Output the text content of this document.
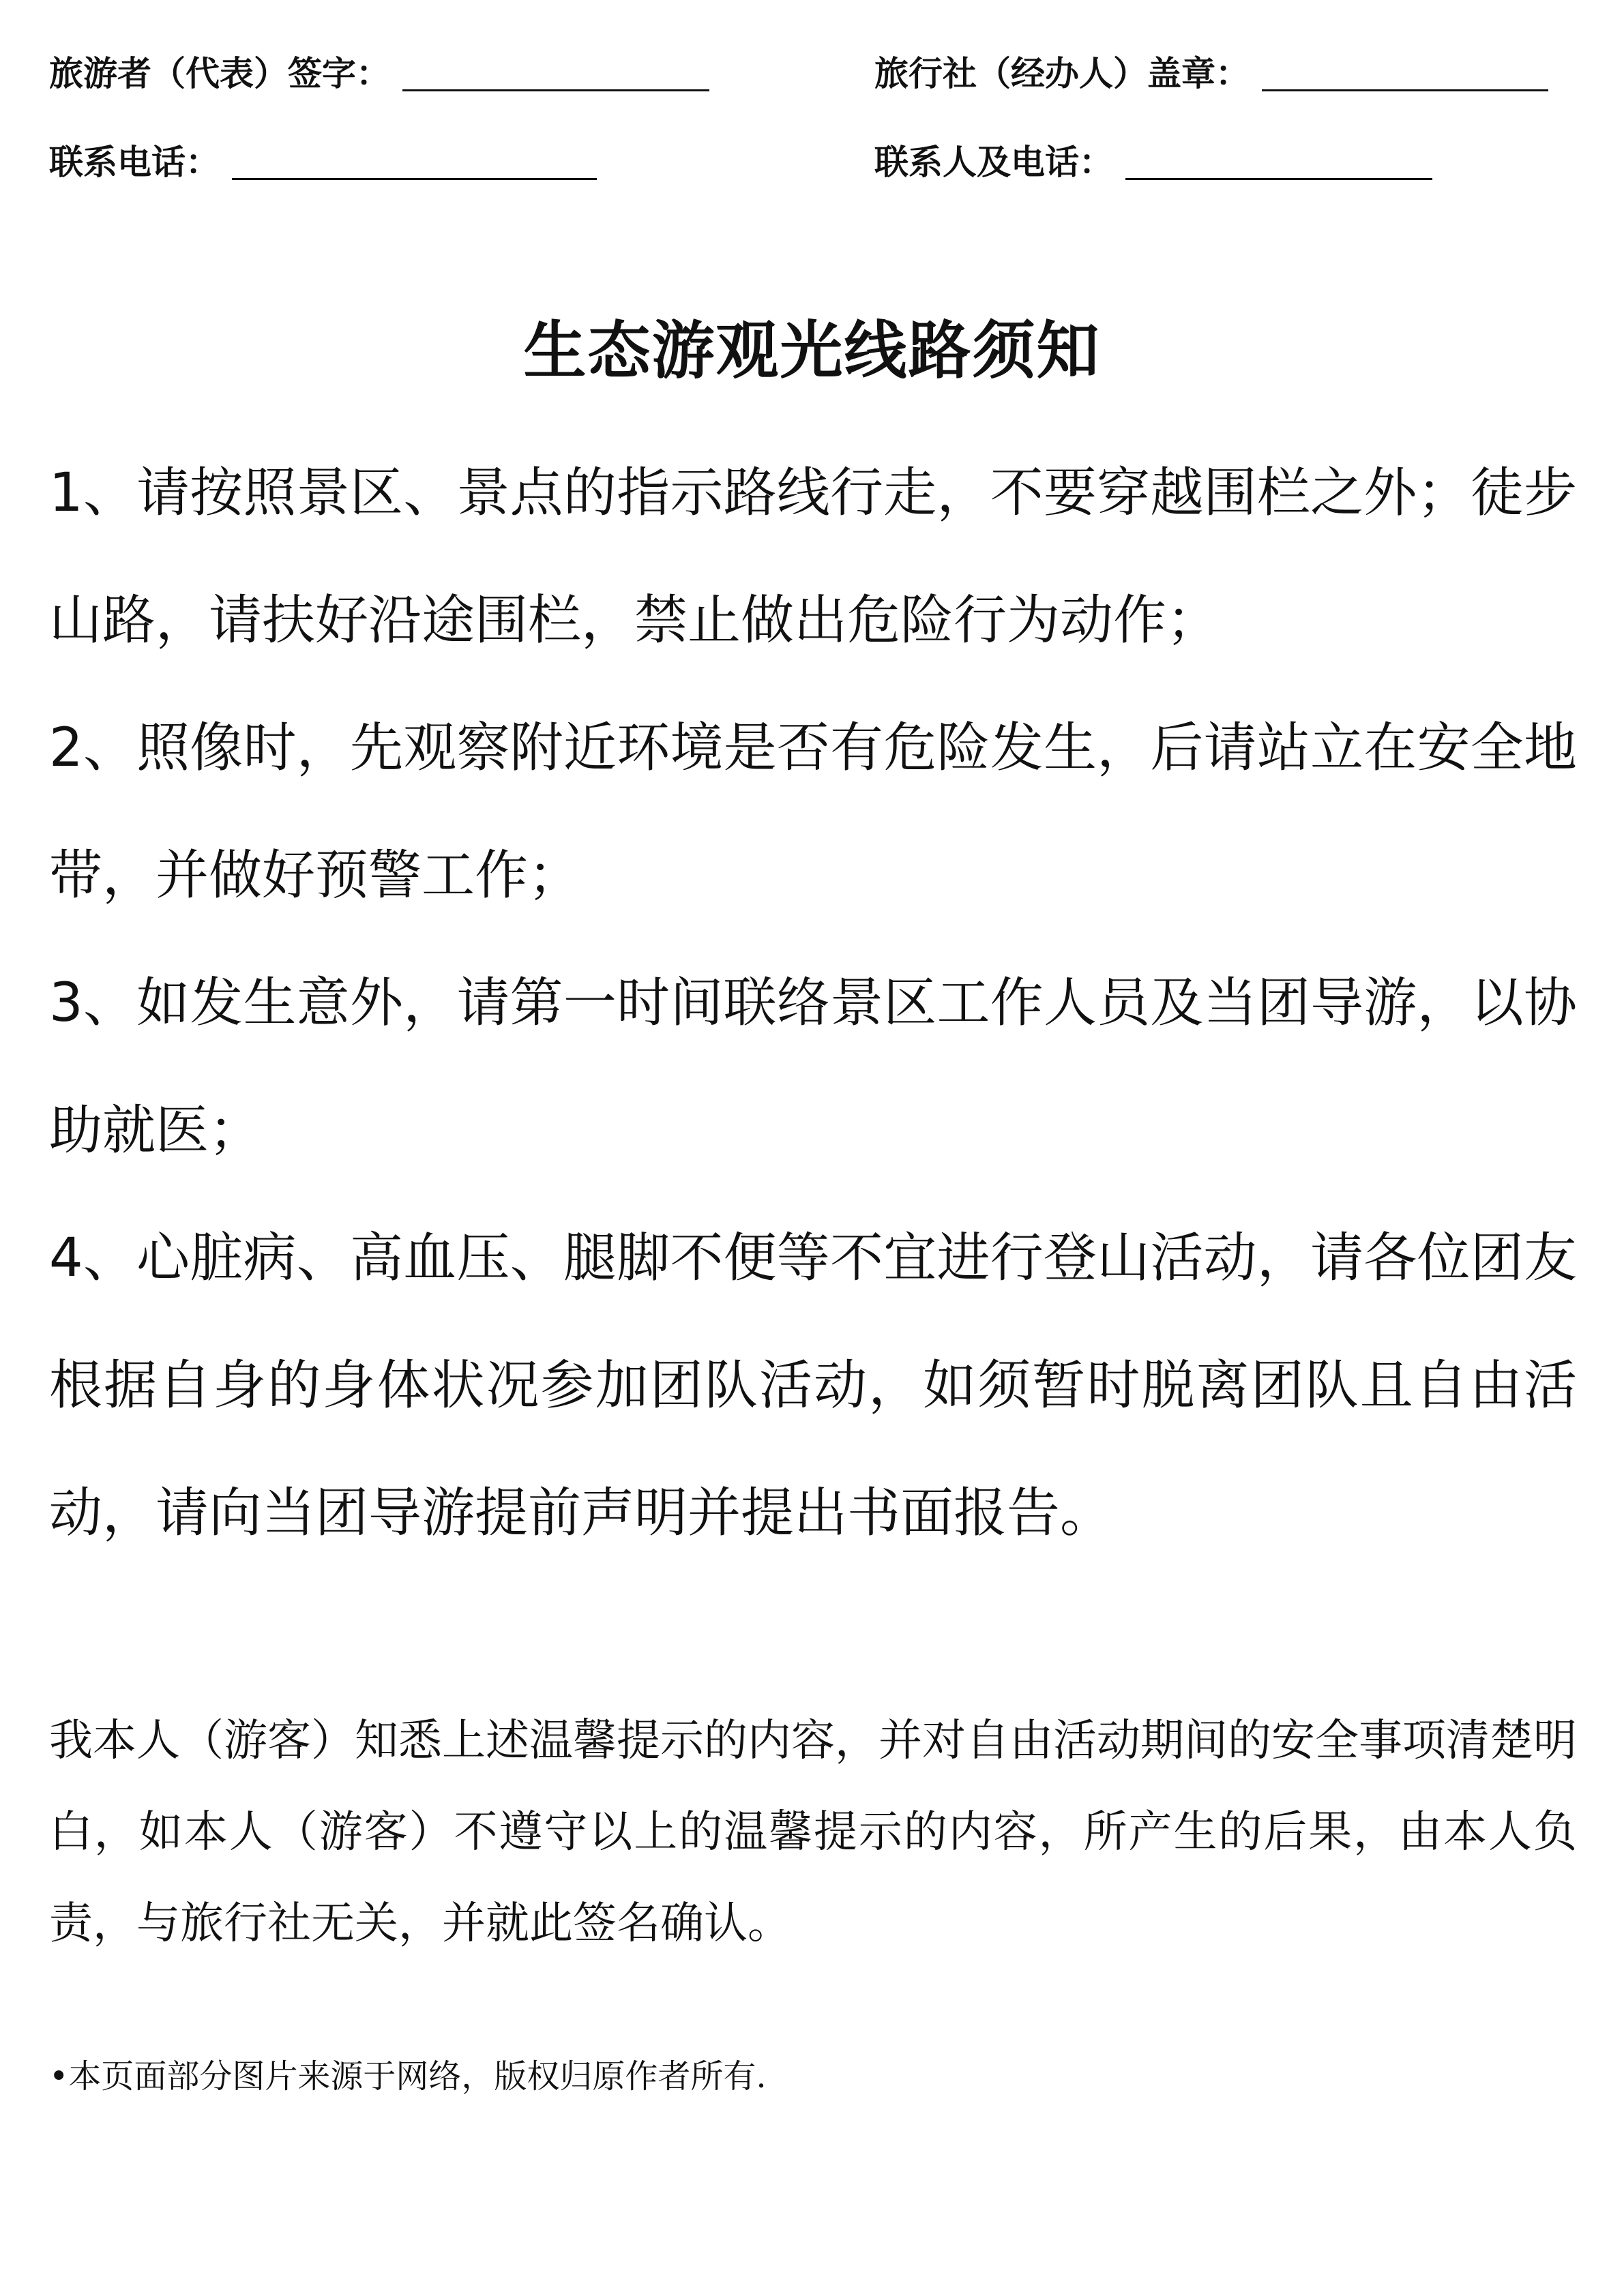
旅游者（代表）签字：	旅行社（经办人）盖章：
联系电话：	联系人及电话：
生态游观光线路须知

1、请按照景区、景点的指示路线行走，不要穿越围栏之外；徒步山路，请扶好沿途围栏，禁止做出危险行为动作；

2、照像时，先观察附近环境是否有危险发生，后请站立在安全地带，并做好预警工作；

3、如发生意外，请第一时间联络景区工作人员及当团导游，以协助就医；

4、心脏病、高血压、腿脚不便等不宜进行登山活动，请各位团友根据自身的身体状况参加团队活动，如须暂时脱离团队且自由活动，请向当团导游提前声明并提出书面报告。

我本人（游客）知悉上述温馨提示的内容，并对自由活动期间的安全事项清楚明白，如本人（游客）不遵守以上的温馨提示的内容，所产生的后果，由本人负责，与旅行社无关，并就此签名确认。

•本页面部分图片来源于网络，版权归原作者所有.
